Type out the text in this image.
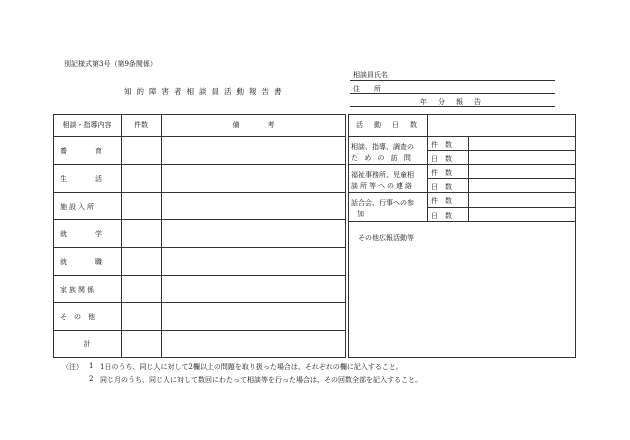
別記様式第3号（第9条関係）
知的障害者相談員活動報告書
相談員氏名
住　　所
年　分　報　告
相談・指導内容	件数	備　　　　考
養　　　　育
生　　　　活
施設入所
就　　　　学
就　　　　職
家族関係
そ　の　他
計
活　動　日　数
相談、指導、調査の
た め の 訪 問
件　数
日　数
福祉事務所、児童相
談所等への連絡
件　数
日　数
話合会、行事への参
加
件　数
日　数
その他広報活動等
（注） 1 1日のうち、同じ人に対して2欄以上の問題を取り扱った場合は、それぞれの欄に記入すること。
2 同じ月のうち、同じ人に対して数回にわたって相談等を行った場合は、その回数全部を記入すること。
